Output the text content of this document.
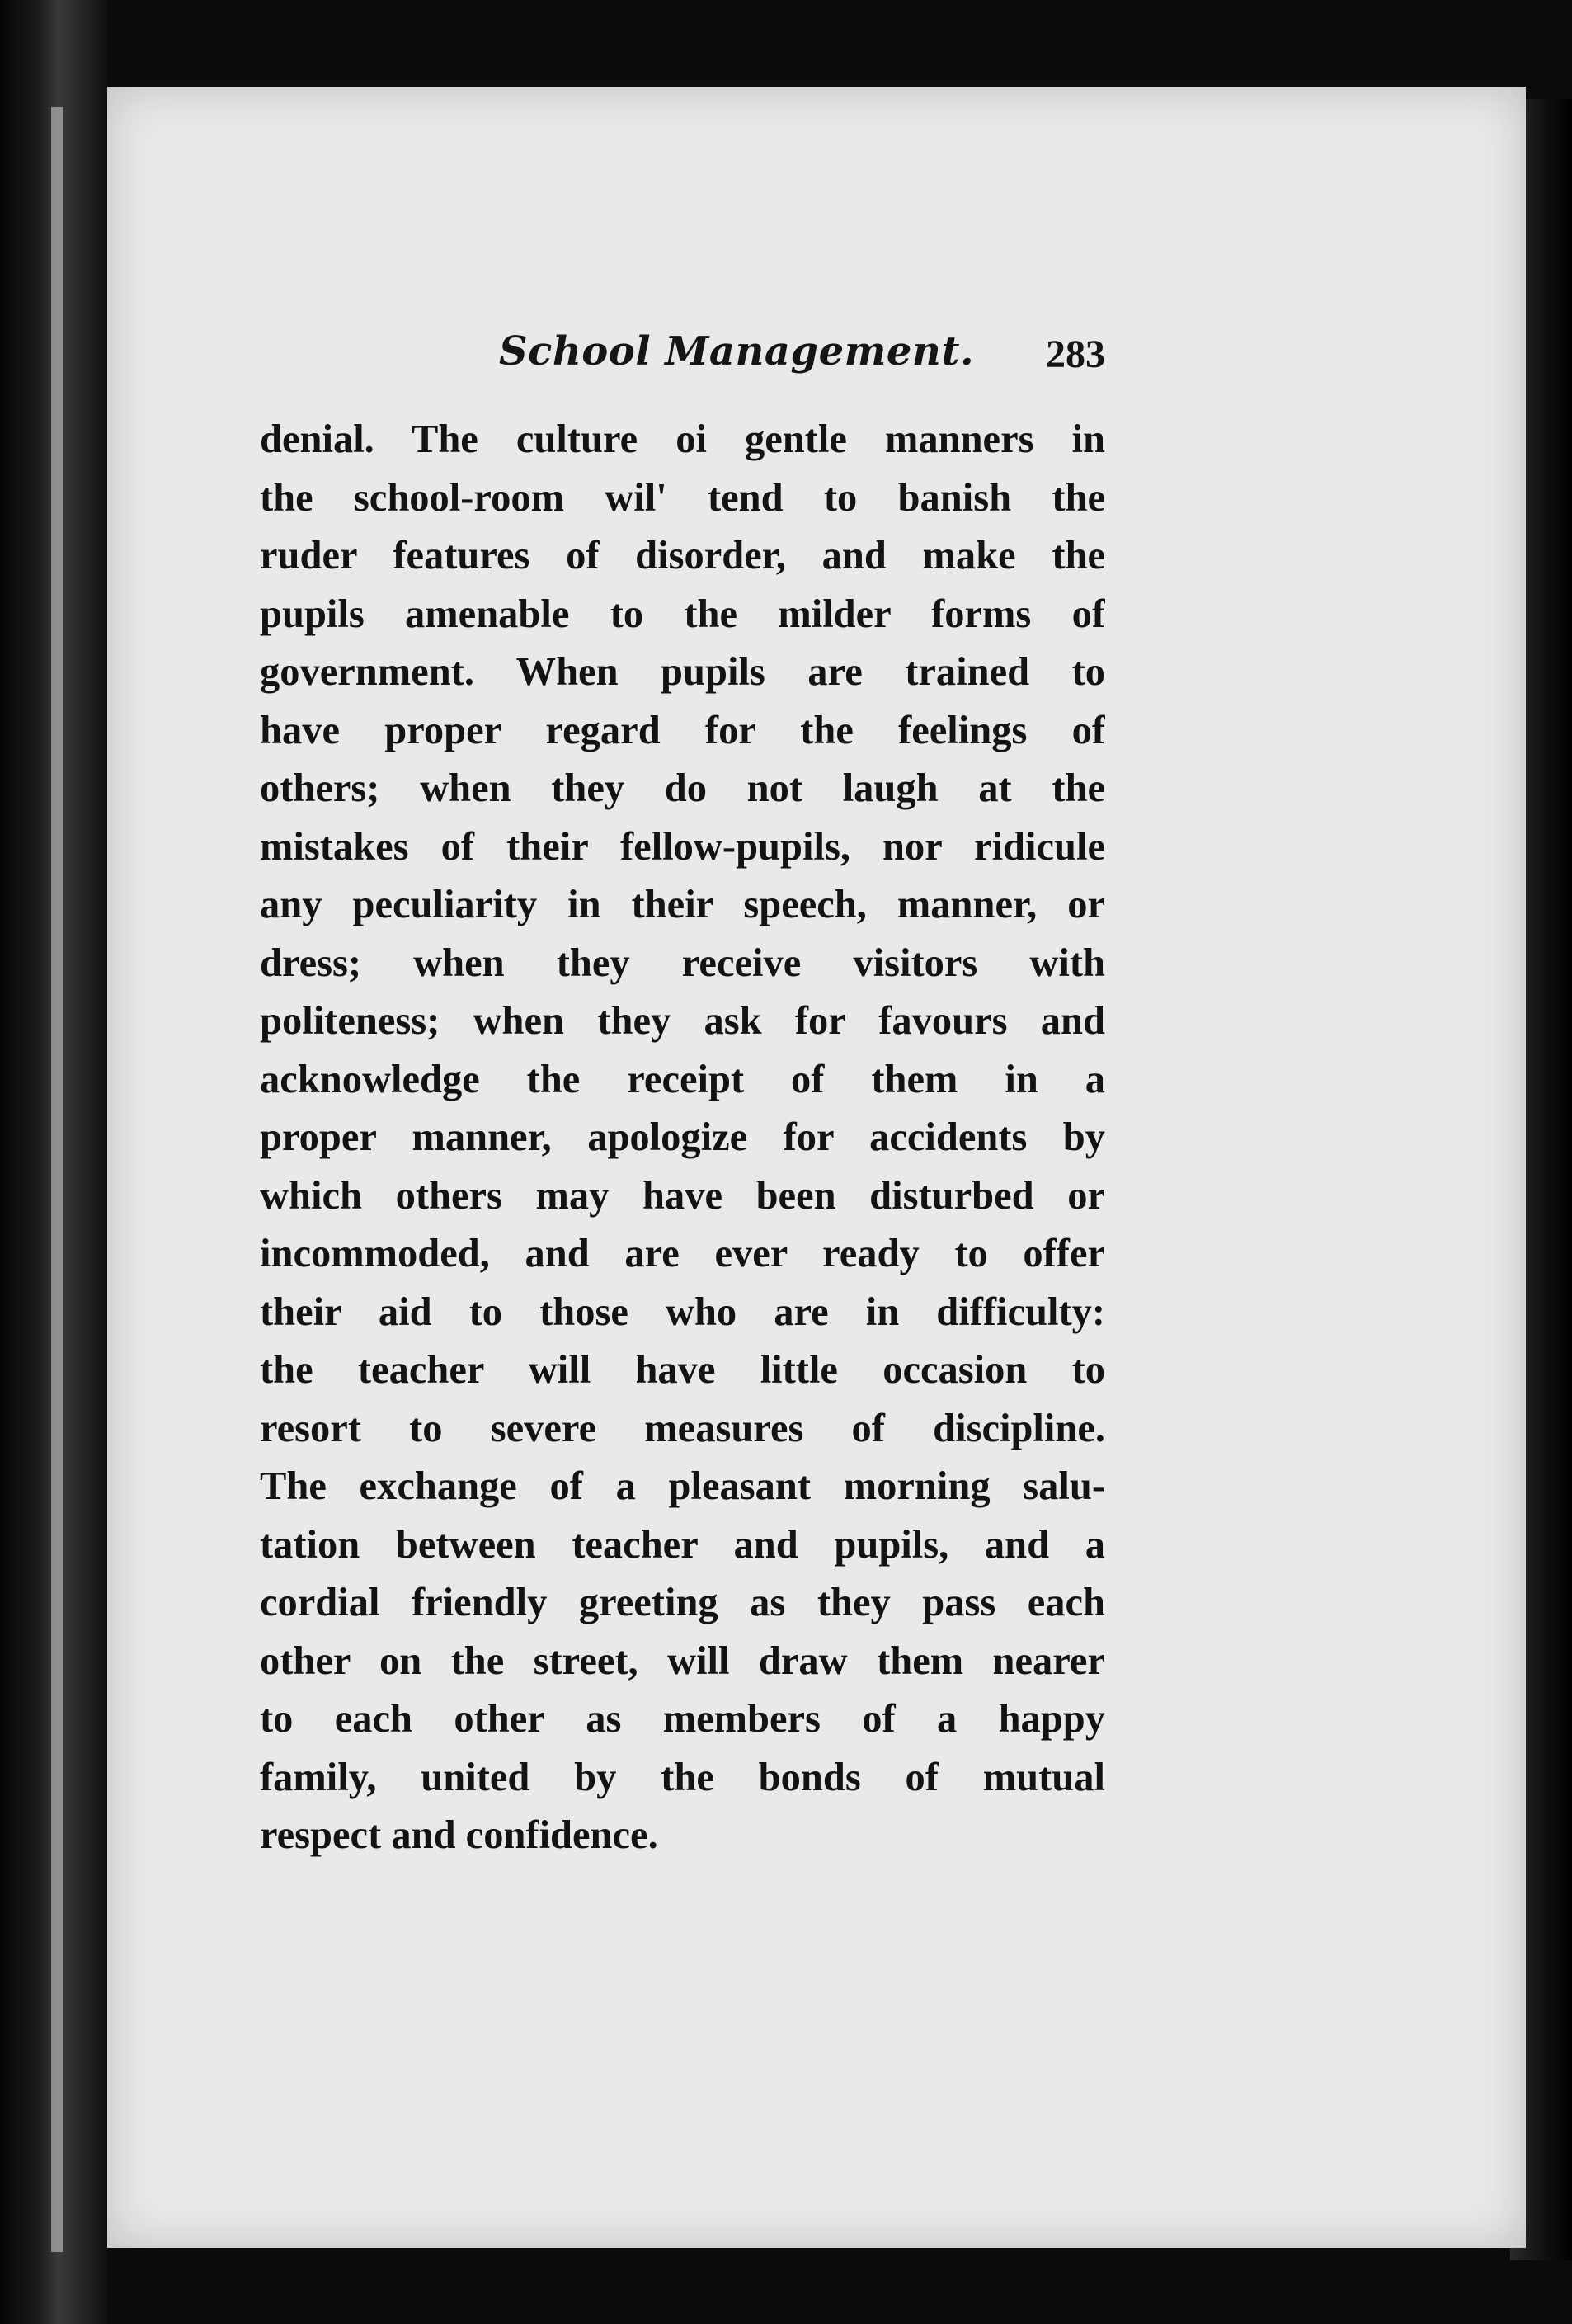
School Management. 283
denial. The culture oi gentle manners in
the school-room wil' tend to banish the
ruder features of disorder, and make the
pupils amenable to the milder forms of
government. When pupils are trained to
have proper regard for the feelings of
others; when they do not laugh at the
mistakes of their fellow-pupils, nor ridicule
any peculiarity in their speech, manner, or
dress; when they receive visitors with
politeness; when they ask for favours and
acknowledge the receipt of them in a
proper manner, apologize for accidents by
which others may have been disturbed or
incommoded, and are ever ready to offer
their aid to those who are in difficulty:
the teacher will have little occasion to
resort to severe measures of discipline.
The exchange of a pleasant morning salu-
tation between teacher and pupils, and a
cordial friendly greeting as they pass each
other on the street, will draw them nearer
to each other as members of a happy
family, united by the bonds of mutual
respect and confidence.
